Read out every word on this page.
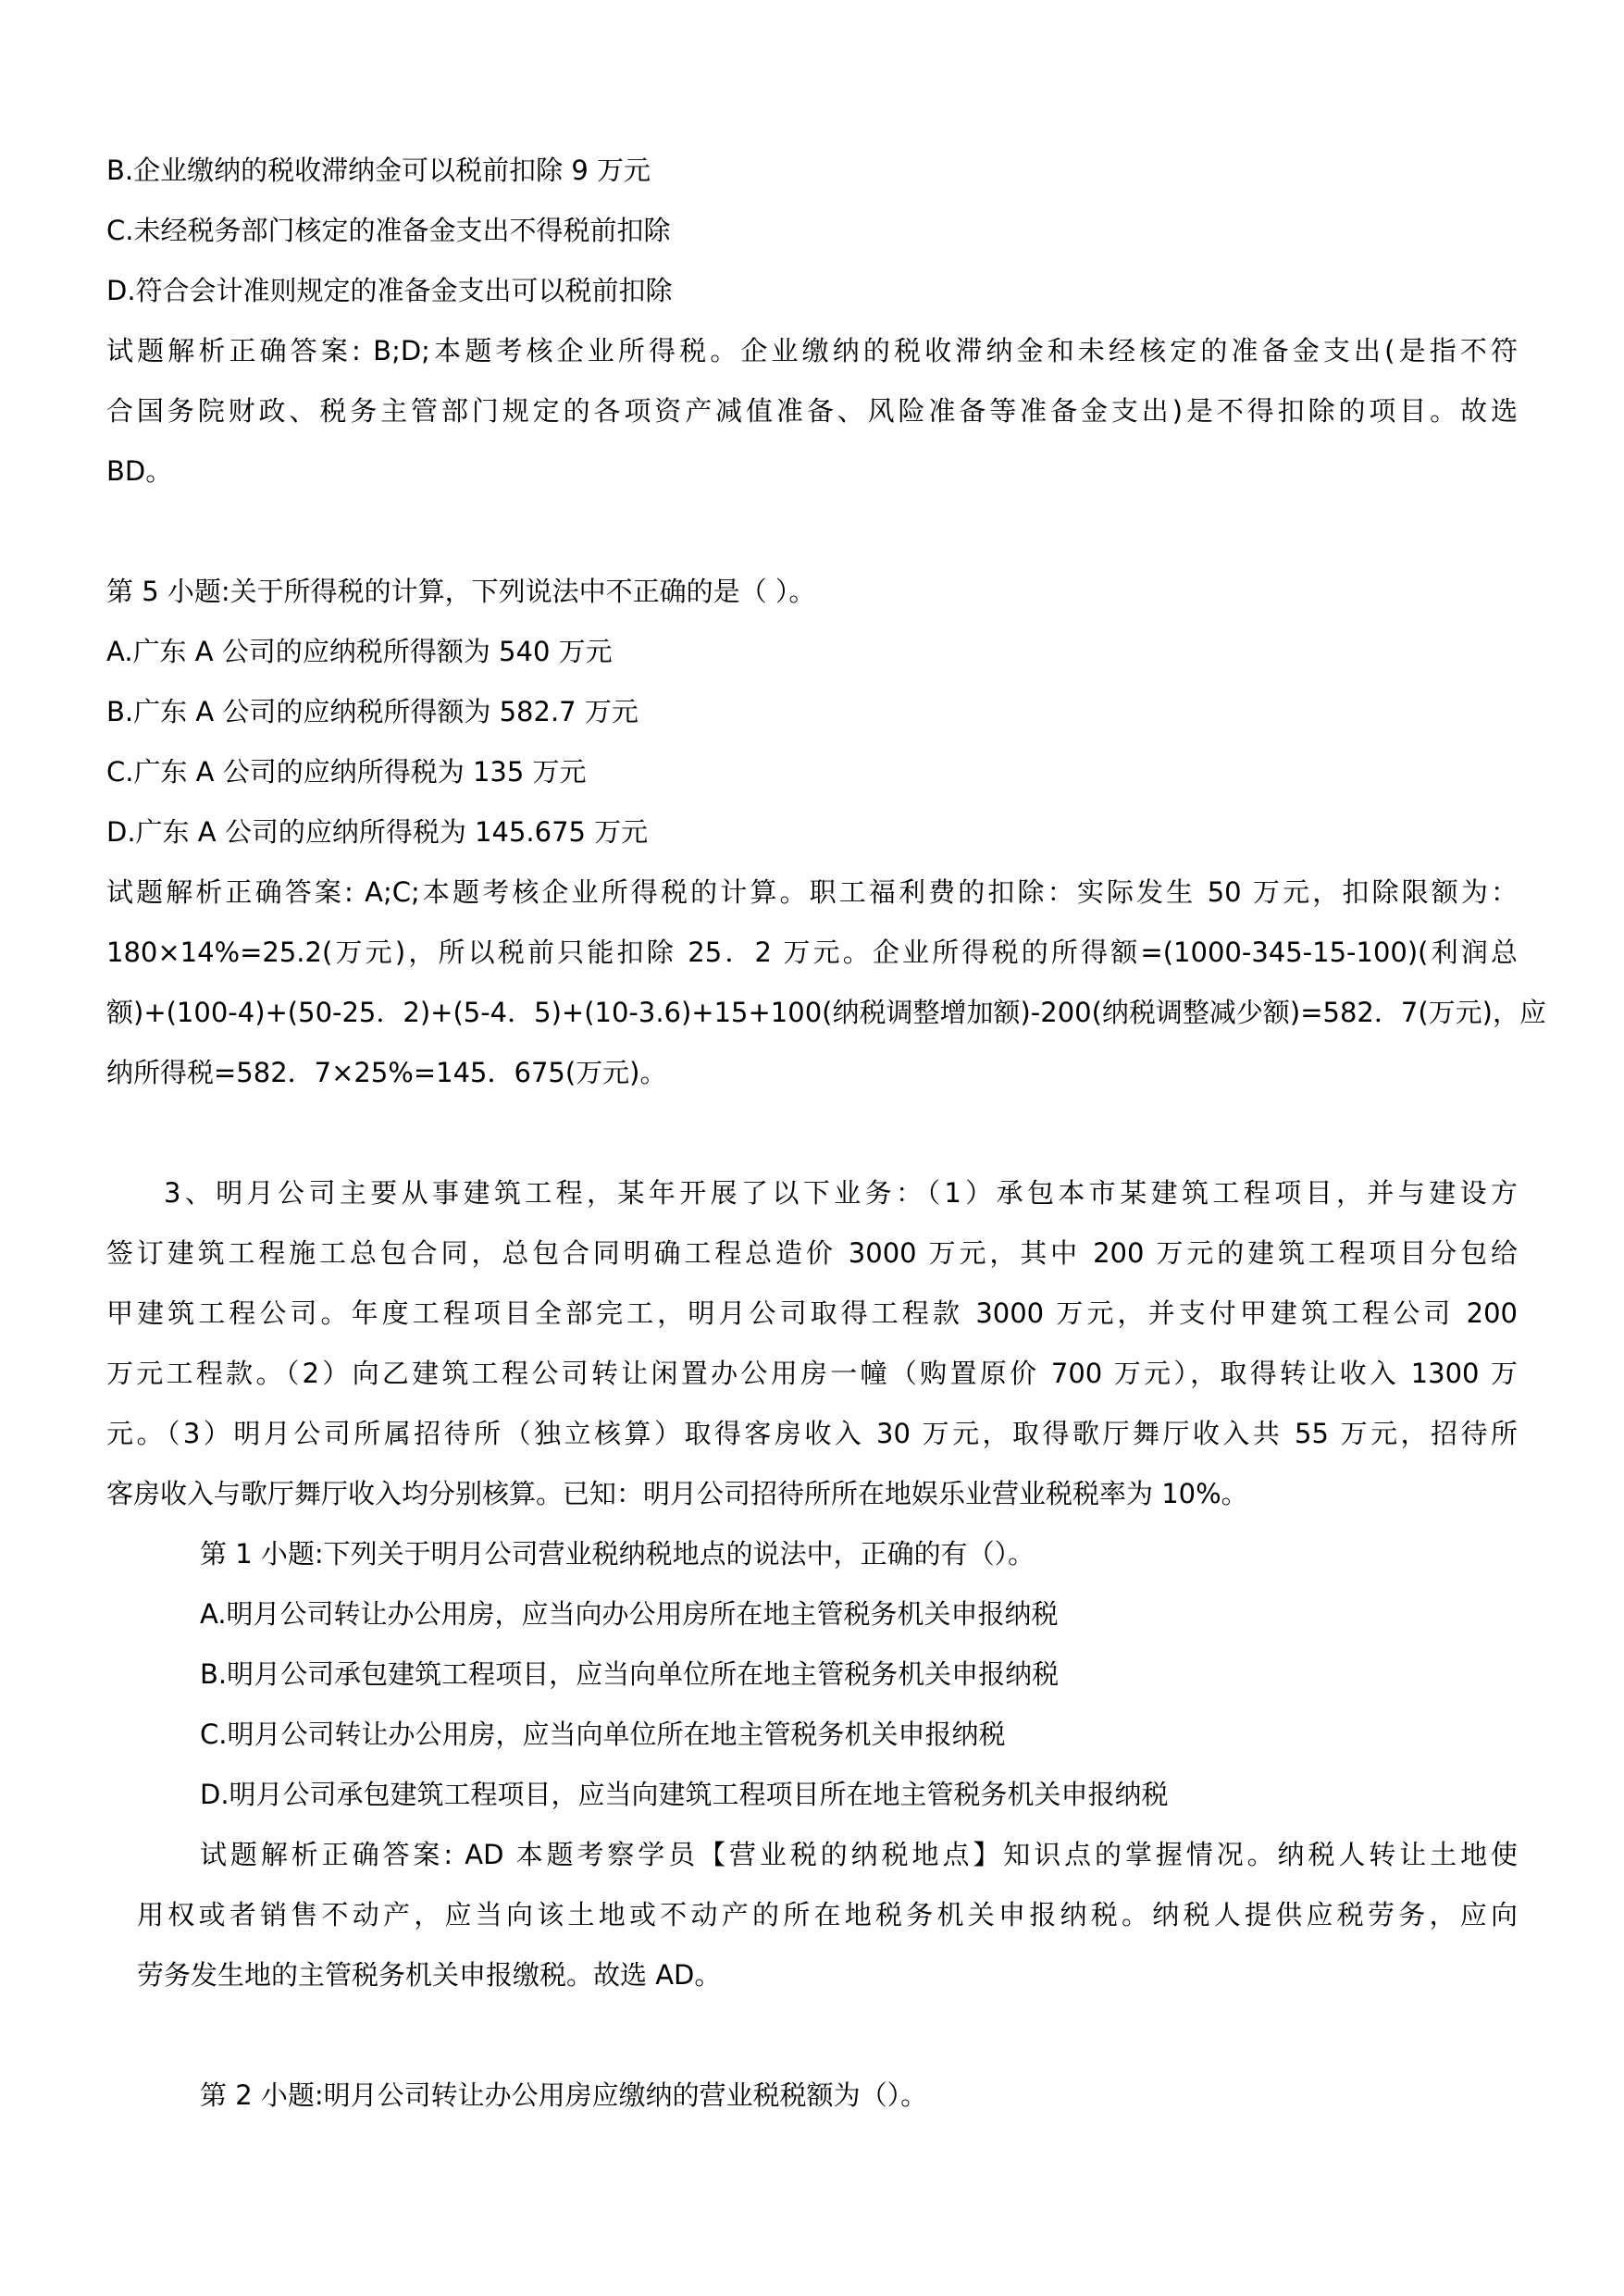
B.企业缴纳的税收滞纳金可以税前扣除 9 万元
C.未经税务部门核定的准备金支出不得税前扣除
D.符合会计准则规定的准备金支出可以税前扣除
试题解析正确答案: B;D;本题考核企业所得税。企业缴纳的税收滞纳金和未经核定的准备金支出(是指不符
合国务院财政、税务主管部门规定的各项资产减值准备、风险准备等准备金支出)是不得扣除的项目。故选
BD。
第 5 小题:关于所得税的计算，下列说法中不正确的是（ ）。
A.广东 A 公司的应纳税所得额为 540 万元
B.广东 A 公司的应纳税所得额为 582.7 万元
C.广东 A 公司的应纳所得税为 135 万元
D.广东 A 公司的应纳所得税为 145.675 万元
试题解析正确答案: A;C;本题考核企业所得税的计算。职工福利费的扣除：实际发生 50 万元，扣除限额为：
180×14%=25.2(万元)，所以税前只能扣除 25．2 万元。企业所得税的所得额=(1000-345-15-100)(利润总
额)+(100-4)+(50-25．2)+(5-4．5)+(10-3.6)+15+100(纳税调整增加额)-200(纳税调整减少额)=582．7(万元)，应
纳所得税=582．7×25%=145．675(万元)。
3、明月公司主要从事建筑工程，某年开展了以下业务：（1）承包本市某建筑工程项目，并与建设方
签订建筑工程施工总包合同，总包合同明确工程总造价 3000 万元，其中 200 万元的建筑工程项目分包给
甲建筑工程公司。年度工程项目全部完工，明月公司取得工程款 3000 万元，并支付甲建筑工程公司 200
万元工程款。（2）向乙建筑工程公司转让闲置办公用房一幢（购置原价 700 万元），取得转让收入 1300 万
元。（3）明月公司所属招待所（独立核算）取得客房收入 30 万元，取得歌厅舞厅收入共 55 万元，招待所
客房收入与歌厅舞厅收入均分别核算。已知：明月公司招待所所在地娱乐业营业税税率为 10%。
第 1 小题:下列关于明月公司营业税纳税地点的说法中，正确的有（）。
A.明月公司转让办公用房，应当向办公用房所在地主管税务机关申报纳税
B.明月公司承包建筑工程项目，应当向单位所在地主管税务机关申报纳税
C.明月公司转让办公用房，应当向单位所在地主管税务机关申报纳税
D.明月公司承包建筑工程项目，应当向建筑工程项目所在地主管税务机关申报纳税
试题解析正确答案: AD 本题考察学员【营业税的纳税地点】知识点的掌握情况。纳税人转让土地使
用权或者销售不动产，应当向该土地或不动产的所在地税务机关申报纳税。纳税人提供应税劳务，应向
劳务发生地的主管税务机关申报缴税。故选 AD。
第 2 小题:明月公司转让办公用房应缴纳的营业税税额为（）。
